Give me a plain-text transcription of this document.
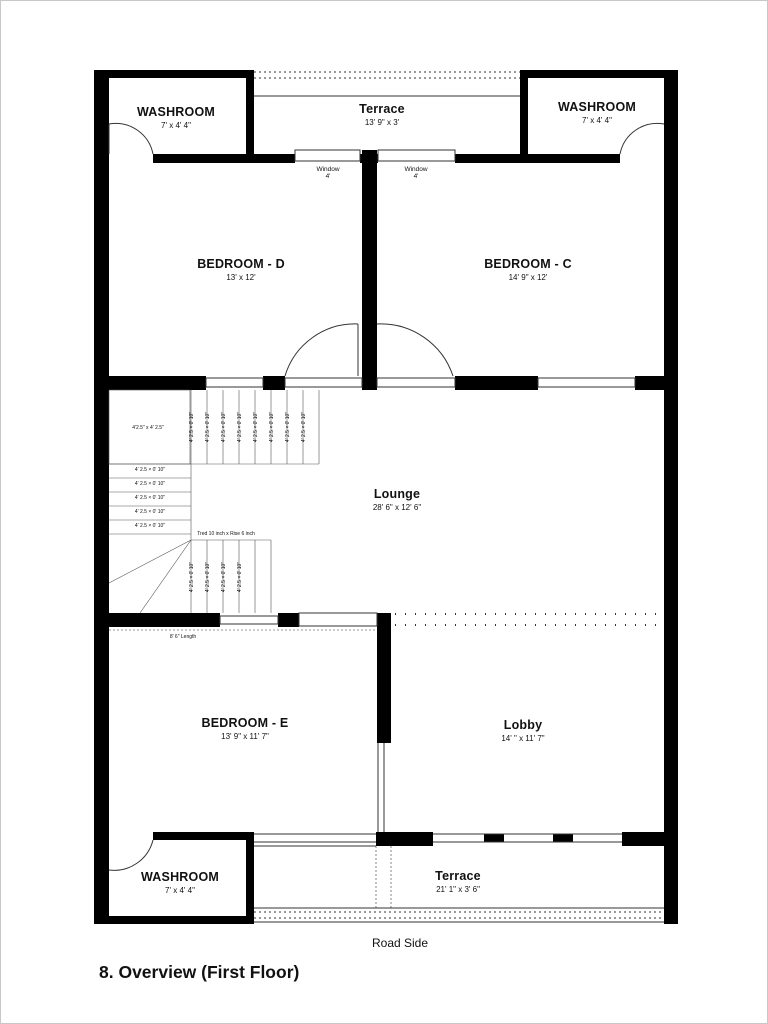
WASHROOM
7' x 4' 4"
Terrace
13' 9" x 3'
WASHROOM
7' x 4' 4"
Window
4'
Window
4'
BEDROOM - D
13' x 12'
BEDROOM - C
14' 9" x 12'
Lounge
28' 6" x 12' 6"
BEDROOM - E
13' 9" x 11' 7"
Lobby
14' " x 11' 7"
WASHROOM
7' x 4' 4"
Terrace
21' 1" x 3' 6"
4'2.5" x 4' 2.5"
4' 2.5 × 0' 10"
4' 2.5 × 0' 10"
4' 2.5 × 0' 10"
4' 2.5 × 0' 10"
4' 2.5 × 0' 10"
Tred 10 inch x Rise 6 inch
8' 6" Length
4' 2.5 × 0' 10" 4' 2.5 × 0' 10" 4' 2.5 × 0' 10" 4' 2.5 × 0' 10" 4' 2.5 × 0' 10" 4' 2.5 × 0' 10" 4' 2.5 × 0' 10" 4' 2.5 × 0' 10"
4' 2.5 × 0' 10" 4' 2.5 × 0' 10" 4' 2.5 × 0' 10" 4' 2.5 × 0' 10"
Road Side
8. Overview (First Floor)
